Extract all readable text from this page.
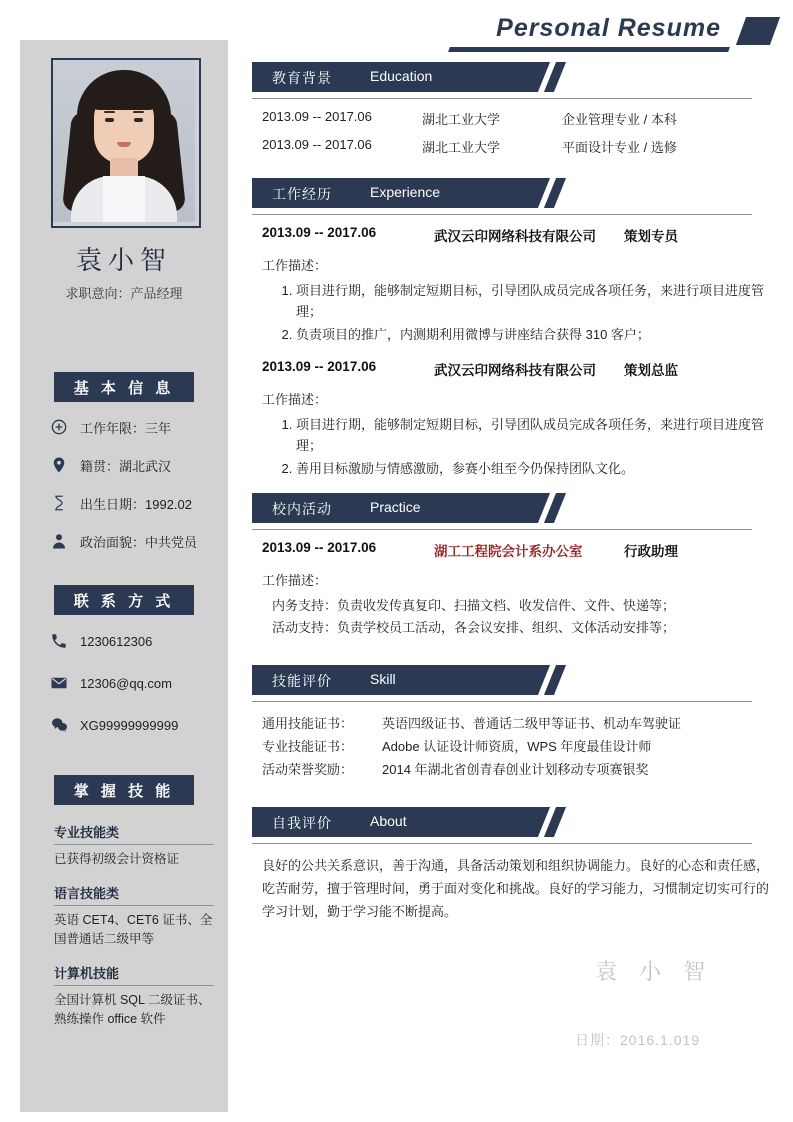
Personal Resume
袁小智
求职意向：产品经理
基 本 信 息
工作年限：三年
籍贯：湖北武汉
出生日期：1992.02
政治面貌：中共党员
联 系 方 式
1230612306
12306@qq.com
XG99999999999
掌 握 技 能
专业技能类
已获得初级会计资格证
语言技能类
英语 CET4、CET6 证书、全国普通话二级甲等
计算机技能
全国计算机 SQL 二级证书、熟练操作 office 软件
教育背景	Education
2013.09 -- 2017.06	湖北工业大学	企业管理专业 / 本科
2013.09 -- 2017.06	湖北工业大学	平面设计专业 / 选修
工作经历	Experience
2013.09 -- 2017.06	武汉云印网络科技有限公司	策划专员
工作描述：
1. 项目进行期，能够制定短期目标，引导团队成员完成各项任务，来进行项目进度管理；
2. 负责项目的推广，内测期利用微博与讲座结合获得 310 客户；
2013.09 -- 2017.06	武汉云印网络科技有限公司	策划总监
工作描述：
1. 项目进行期，能够制定短期目标，引导团队成员完成各项任务，来进行项目进度管理；
2. 善用目标激励与情感激励，参赛小组至今仍保持团队文化。
校内活动	Practice
2013.09 -- 2017.06	湖工工程院会计系办公室	行政助理
工作描述：
内务支持：负责收发传真复印、扫描文档、收发信件、文件、快递等；
活动支持：负责学校员工活动，各会议安排、组织、文体活动安排等；
技能评价	Skill
通用技能证书：	英语四级证书、普通话二级甲等证书、机动车驾驶证
专业技能证书：	Adobe 认证设计师资质，WPS 年度最佳设计师
活动荣誉奖励：	2014 年湖北省创青春创业计划移动专项赛银奖
自我评价	About

良好的公共关系意识，善于沟通，具备活动策划和组织协调能力。良好的心态和责任感，吃苦耐劳，擅于管理时间，勇于面对变化和挑战。良好的学习能力，习惯制定切实可行的学习计划，勤于学习能不断提高。

袁 小 智
日期：2016.1.019
